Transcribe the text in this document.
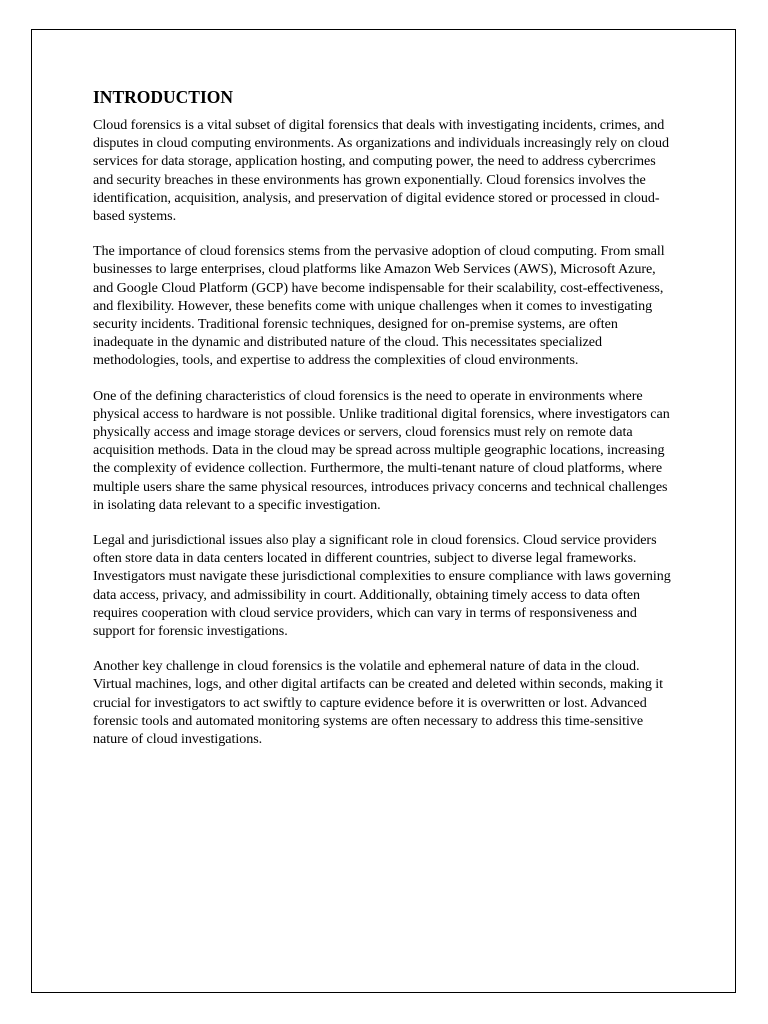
INTRODUCTION

Cloud forensics is a vital subset of digital forensics that deals with investigating incidents, crimes, and disputes in cloud computing environments. As organizations and individuals increasingly rely on cloud services for data storage, application hosting, and computing power, the need to address cybercrimes and security breaches in these environments has grown exponentially. Cloud forensics involves the identification, acquisition, analysis, and preservation of digital evidence stored or processed in cloud-based systems.

The importance of cloud forensics stems from the pervasive adoption of cloud computing. From small businesses to large enterprises, cloud platforms like Amazon Web Services (AWS), Microsoft Azure, and Google Cloud Platform (GCP) have become indispensable for their scalability, cost-effectiveness, and flexibility. However, these benefits come with unique challenges when it comes to investigating security incidents. Traditional forensic techniques, designed for on-premise systems, are often inadequate in the dynamic and distributed nature of the cloud. This necessitates specialized methodologies, tools, and expertise to address the complexities of cloud environments.

One of the defining characteristics of cloud forensics is the need to operate in environments where physical access to hardware is not possible. Unlike traditional digital forensics, where investigators can physically access and image storage devices or servers, cloud forensics must rely on remote data acquisition methods. Data in the cloud may be spread across multiple geographic locations, increasing the complexity of evidence collection. Furthermore, the multi-tenant nature of cloud platforms, where multiple users share the same physical resources, introduces privacy concerns and technical challenges in isolating data relevant to a specific investigation.

Legal and jurisdictional issues also play a significant role in cloud forensics. Cloud service providers often store data in data centers located in different countries, subject to diverse legal frameworks. Investigators must navigate these jurisdictional complexities to ensure compliance with laws governing data access, privacy, and admissibility in court. Additionally, obtaining timely access to data often requires cooperation with cloud service providers, which can vary in terms of responsiveness and support for forensic investigations.

Another key challenge in cloud forensics is the volatile and ephemeral nature of data in the cloud. Virtual machines, logs, and other digital artifacts can be created and deleted within seconds, making it crucial for investigators to act swiftly to capture evidence before it is overwritten or lost. Advanced forensic tools and automated monitoring systems are often necessary to address this time-sensitive nature of cloud investigations.
